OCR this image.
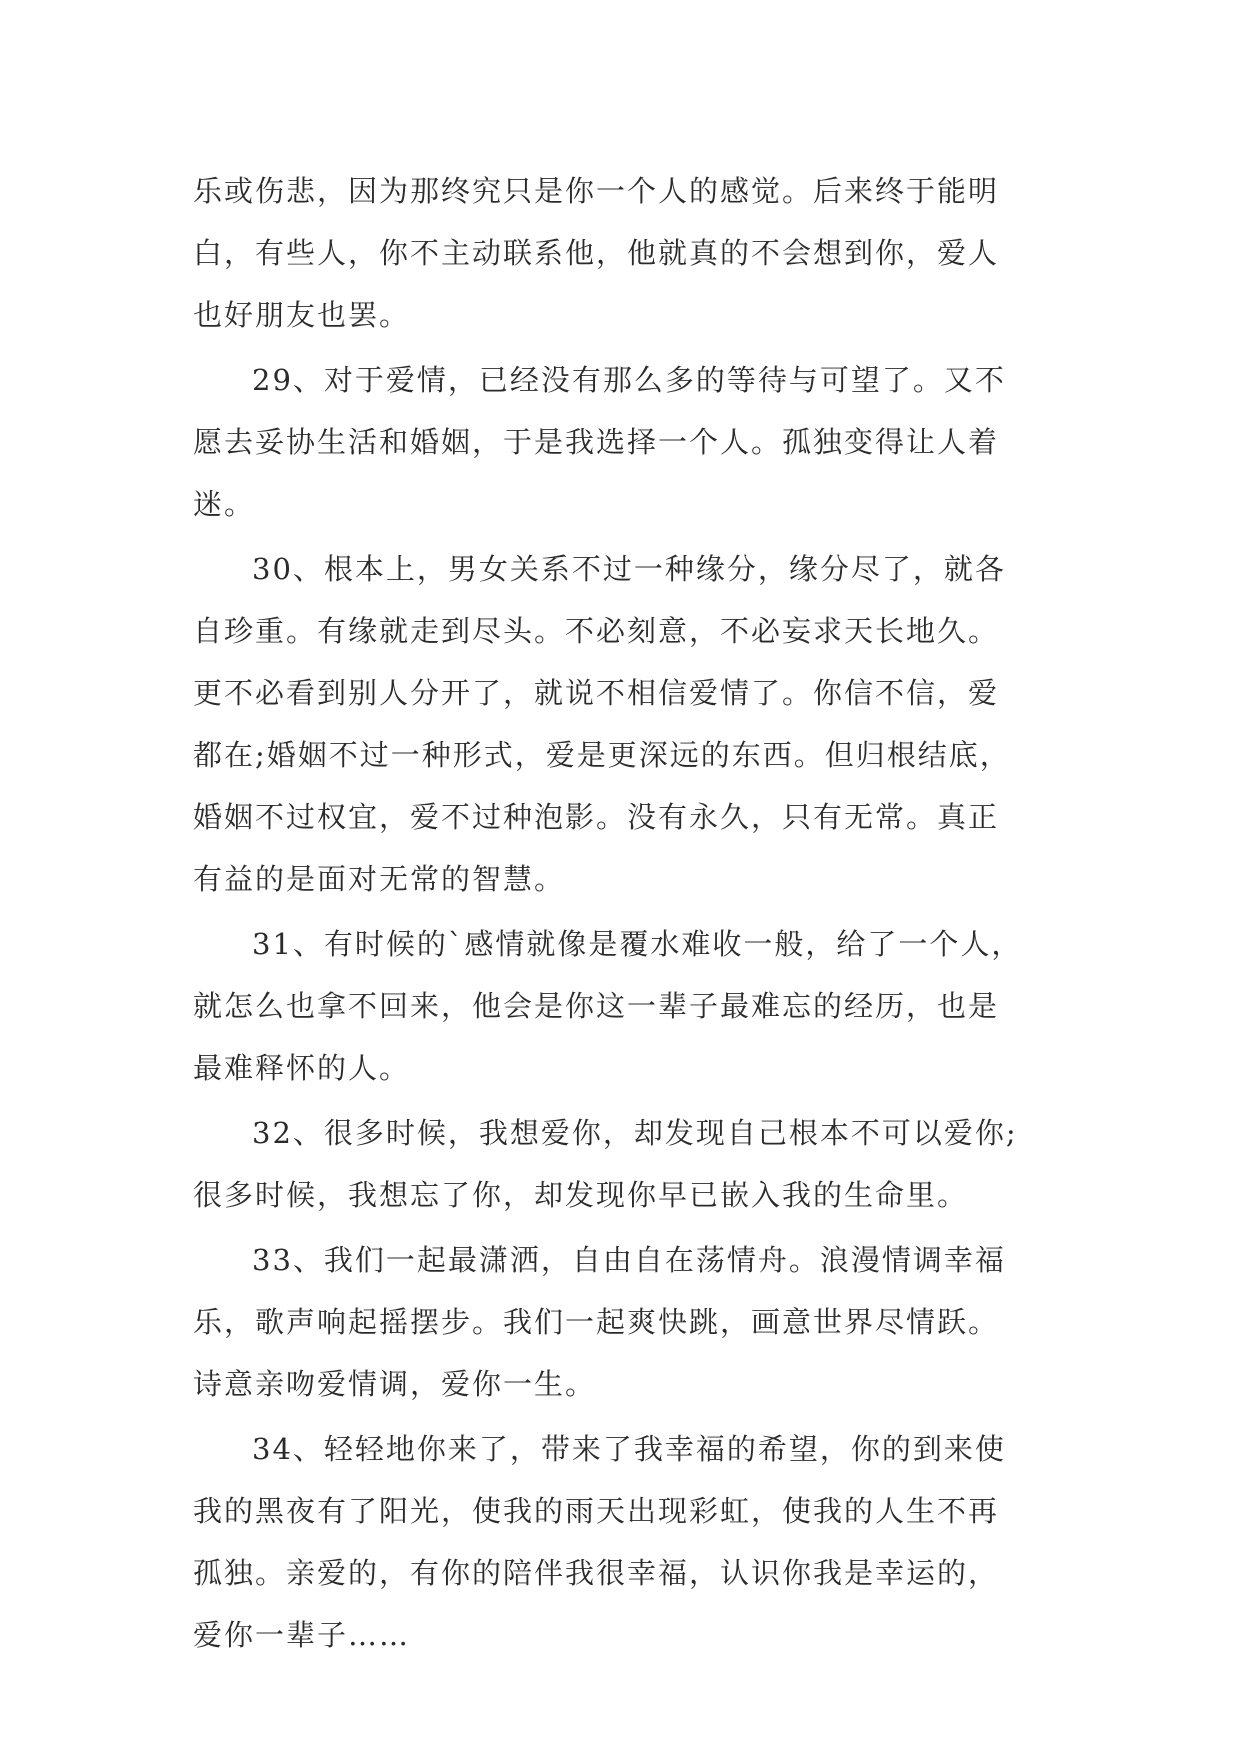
乐或伤悲，因为那终究只是你一个人的感觉。后来终于能明
白，有些人，你不主动联系他，他就真的不会想到你，爱人
也好朋友也罢。
29、对于爱情，已经没有那么多的等待与可望了。又不
愿去妥协生活和婚姻，于是我选择一个人。孤独变得让人着
迷。
30、根本上，男女关系不过一种缘分，缘分尽了，就各
自珍重。有缘就走到尽头。不必刻意，不必妄求天长地久。
更不必看到别人分开了，就说不相信爱情了。你信不信，爱
都在;婚姻不过一种形式，爱是更深远的东西。但归根结底，
婚姻不过权宜，爱不过种泡影。没有永久，只有无常。真正
有益的是面对无常的智慧。
31、有时候的`感情就像是覆水难收一般，给了一个人，
就怎么也拿不回来，他会是你这一辈子最难忘的经历，也是
最难释怀的人。
32、很多时候，我想爱你，却发现自己根本不可以爱你;
很多时候，我想忘了你，却发现你早已嵌入我的生命里。
33、我们一起最潇洒，自由自在荡情舟。浪漫情调幸福
乐，歌声响起摇摆步。我们一起爽快跳，画意世界尽情跃。
诗意亲吻爱情调，爱你一生。
34、轻轻地你来了，带来了我幸福的希望，你的到来使
我的黑夜有了阳光，使我的雨天出现彩虹，使我的人生不再
孤独。亲爱的，有你的陪伴我很幸福，认识你我是幸运的，
爱你一辈子……
